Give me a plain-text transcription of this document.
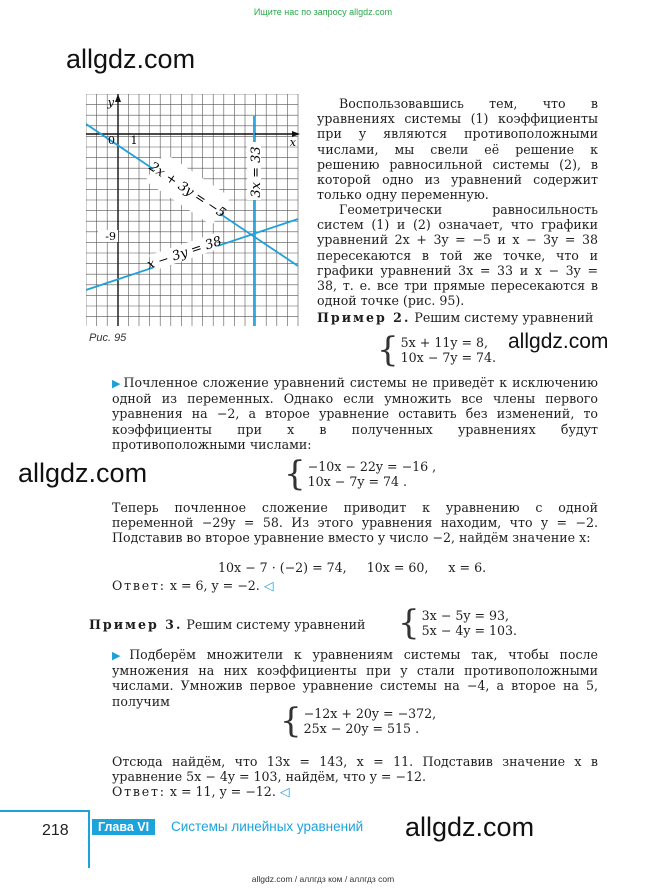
Ищите нас по запросу allgdz.com
allgdz.com
2x + 3y = −5 3x = 33
x − 3y = 38
y
x
0 1
-9
Рис. 95
Воспользовавшись тем, что в уравнениях системы (1) коэффициенты при y являются противоположными числами, мы свели её решение к решению равносильной системы (2), в которой одно из уравнений содержит только одну переменную.
Геометрически равносильность систем (1) и (2) означает, что графики уравнений 2x + 3y = −5 и x − 3y = 38 пересекаются в той же точке, что и графики уравнений 3x = 33 и x − 3y = 38, т. е. все три прямые пересекаются в одной точке (рис. 95).
Пример 2. Решим систему уравнений
{ 5x + 11y = 8,
10x − 7y = 74.
allgdz.com
▶ Почленное сложение уравнений системы не приведёт к исключению одной из переменных. Однако если умножить все члены первого уравнения на −2, а второе уравнение оставить без изменений, то коэффициенты при x в полученных уравнениях будут противоположными числами:
allgdz.com	{ −10x − 22y = −16 ,
10x − 7y = 74 .
Теперь почленное сложение приводит к уравнению с одной переменной −29y = 58. Из этого уравнения находим, что y = −2. Подставив во второе уравнение вместо y число −2, найдём значение x:
10x − 7 · (−2) = 74,     10x = 60,     x = 6.
Ответ: x = 6, y = −2. ◁
Пример 3. Решим систему уравнений { 3x − 5y = 93,
5x − 4y = 103.
▶ Подберём множители к уравнениям системы так, чтобы после умножения на них коэффициенты при y стали противоположными числами. Умножив первое уравнение системы на −4, а второе на 5, получим	{ −12x + 20y = −372,
25x − 20y = 515 .
Отсюда найдём, что 13x = 143, x = 11. Подставив значение x в уравнение 5x − 4y = 103, найдём, что y = −12.
Ответ: x = 11, y = −12. ◁
218	Глава VI	Системы линейных уравнений allgdz.com
allgdz.com / аллгдз ком / аллгдз com
